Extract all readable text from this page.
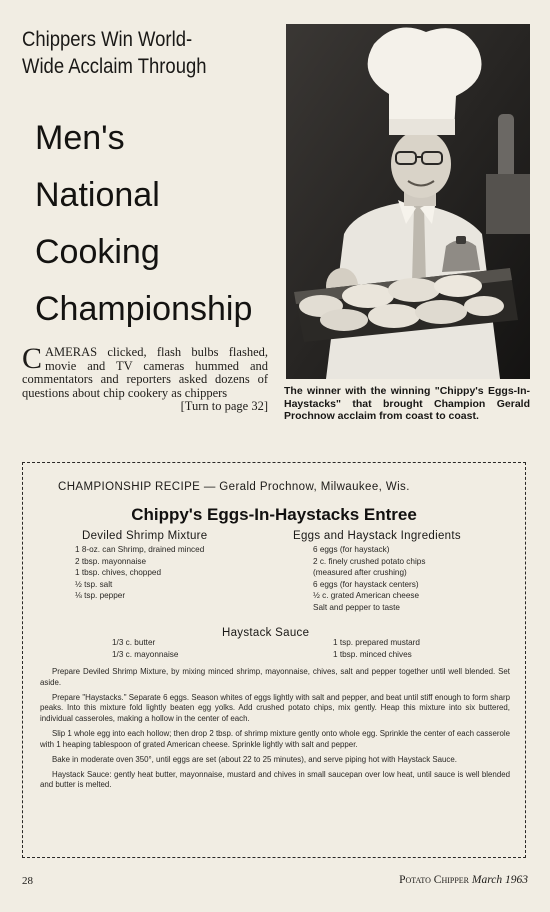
Chippers Win World-
Wide Acclaim Through
Men's
National
Cooking
Championship
The winner with the winning "Chippy's Eggs-In-Haystacks" that brought Champion Gerald Prochnow acclaim from coast to coast.
C AMERAS clicked, flash bulbs flashed, movie and TV cameras hummed and commentators and reporters asked dozens of questions about chip cookery as chippers
[Turn to page 32]
CHAMPIONSHIP RECIPE — Gerald Prochnow, Milwaukee, Wis.
Chippy's Eggs-In-Haystacks Entree
Deviled Shrimp Mixture	Eggs and Haystack Ingredients
1 8-oz. can Shrimp, drained minced
2 tbsp. mayonnaise
1 tbsp. chives, chopped
½ tsp. salt
⅛ tsp. pepper
6 eggs (for haystack)
2 c. finely crushed potato chips
(measured after crushing)
6 eggs (for haystack centers)
½ c. grated American cheese
Salt and pepper to taste
Haystack Sauce
1/3 c. butter
1/3 c. mayonnaise
1 tsp. prepared mustard
1 tbsp. minced chives

Prepare Deviled Shrimp Mixture, by mixing minced shrimp, mayonnaise, chives, salt and pepper together until well blended. Set aside.

Prepare "Haystacks." Separate 6 eggs. Season whites of eggs lightly with salt and pepper, and beat until stiff enough to form sharp peaks. Into this mixture fold lightly beaten egg yolks. Add crushed potato chips, mix gently. Heap this mixture into six buttered, individual casseroles, making a hollow in the center of each.

Slip 1 whole egg into each hollow; then drop 2 tbsp. of shrimp mixture gently onto whole egg. Sprinkle the center of each casserole with 1 heaping tablespoon of grated American cheese. Sprinkle lightly with salt and pepper.

Bake in moderate oven 350°, until eggs are set (about 22 to 25 minutes), and serve piping hot with Haystack Sauce.

Haystack Sauce: gently heat butter, mayonnaise, mustard and chives in small saucepan over low heat, until sauce is well blended and butter is melted.

28	Potato Chipper March 1963
